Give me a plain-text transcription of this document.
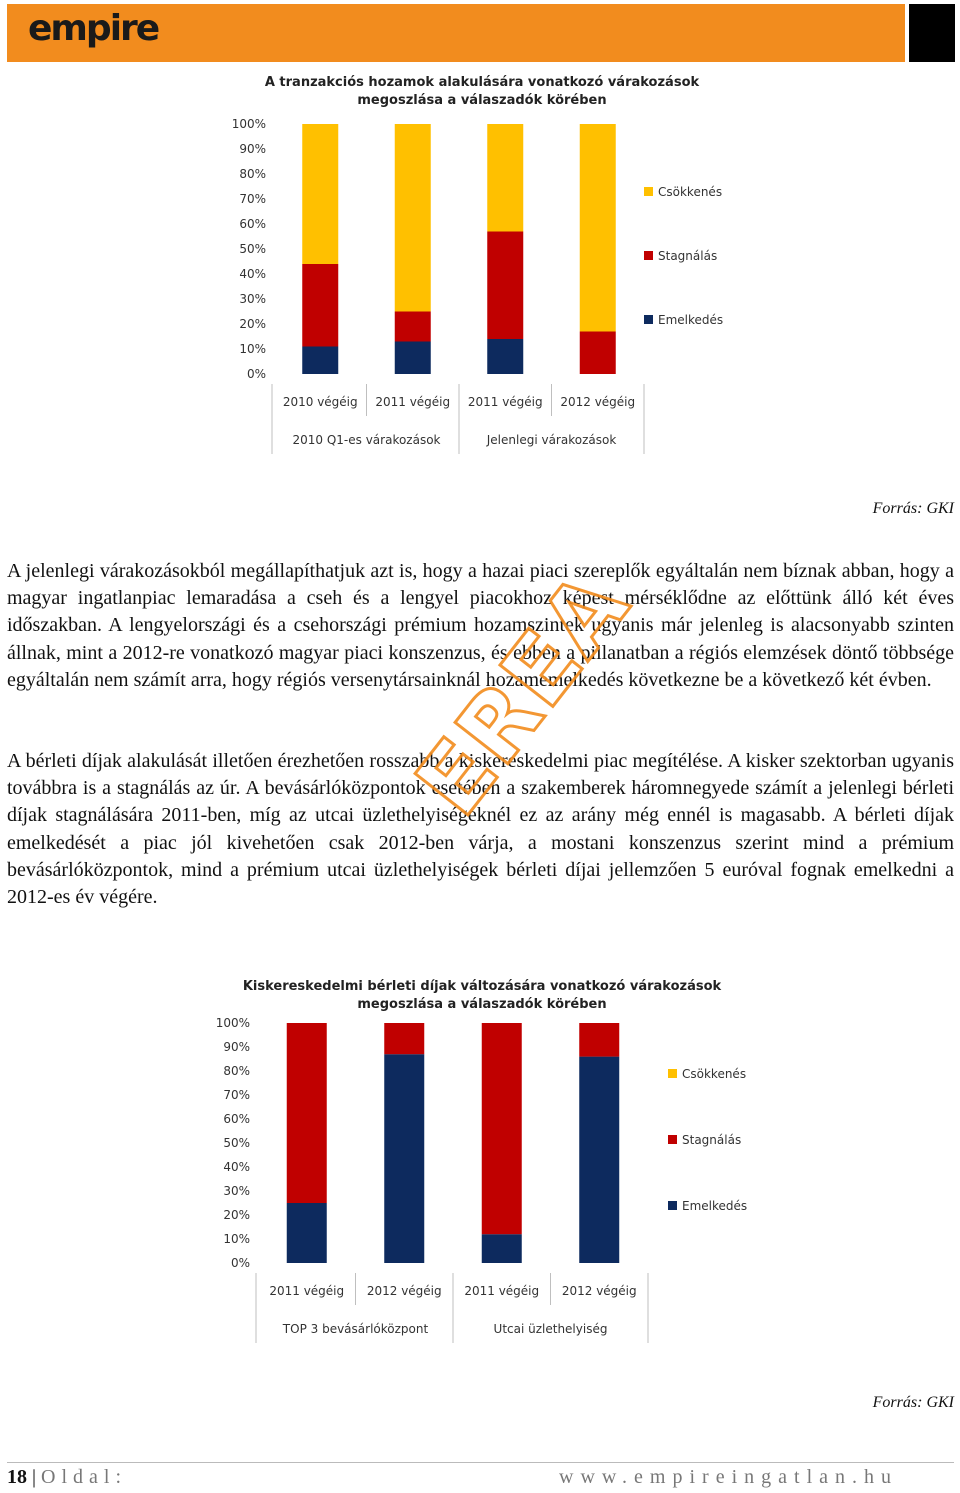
empire
A tranzakciós hozamok alakulására vonatkozó várakozások
megoszlása a válaszadók körében
100%
90%
80%
70%
60%
50%
40%
30%
20%
10%
0%
2010 végéig 2011 végéig 2011 végéig 2012 végéig
2010 Q1-es várakozások	Jelenlegi várakozások
Csökkenés
Stagnálás
Emelkedés
Forrás: GKI

A jelenlegi várakozásokból megállapíthatjuk azt is, hogy a hazai piaci szereplők egyáltalán nem bíznak abban, hogy a magyar ingatlanpiac lemaradása a cseh és a lengyel piacokhoz képest mérséklődne az előttünk álló két éves időszakban. A lengyelországi és a csehországi prémium hozamszintek ugyanis már jelenleg is alacsonyabb szinten állnak, mint a 2012-re vonatkozó magyar piaci konszenzus, és ebben a pillanatban a régiós elemzések döntő többsége egyáltalán nem számít arra, hogy régiós versenytársainknál hozamemelkedés következne be a következő két évben.

A bérleti díjak alakulását illetően érezhetően rosszabb a kiskereskedelmi piac megítélése. A kisker szektorban ugyanis továbbra is a stagnálás az úr. A bevásárlóközpontok esetében a szakemberek háromnegyede számít a jelenlegi bérleti díjak stagnálására 2011-ben, míg az utcai üzlethelyiségeknél ez az arány még ennél is magasabb. A bérleti díjak emelkedését a piac jól kivehetően csak 2012-ben várja, a mostani konszenzus szerint mind a prémium bevásárlóközpontok, mind a prémium utcai üzlethelyiségek bérleti díjai jellemzően 5 euróval fognak emelkedni a 2012-es év végére.

EREA
Kiskereskedelmi bérleti díjak változására vonatkozó várakozások
megoszlása a válaszadók körében
100%
90%
80%
70%
60%
50%
40%
30%
20%
10%
0%
2011 végéig 2012 végéig 2011 végéig 2012 végéig
TOP 3 bevásárlóközpont	Utcai üzlethelyiség
Csökkenés
Stagnálás
Emelkedés
Forrás: GKI
18 | Oldal:	www.empireingatlan.hu
